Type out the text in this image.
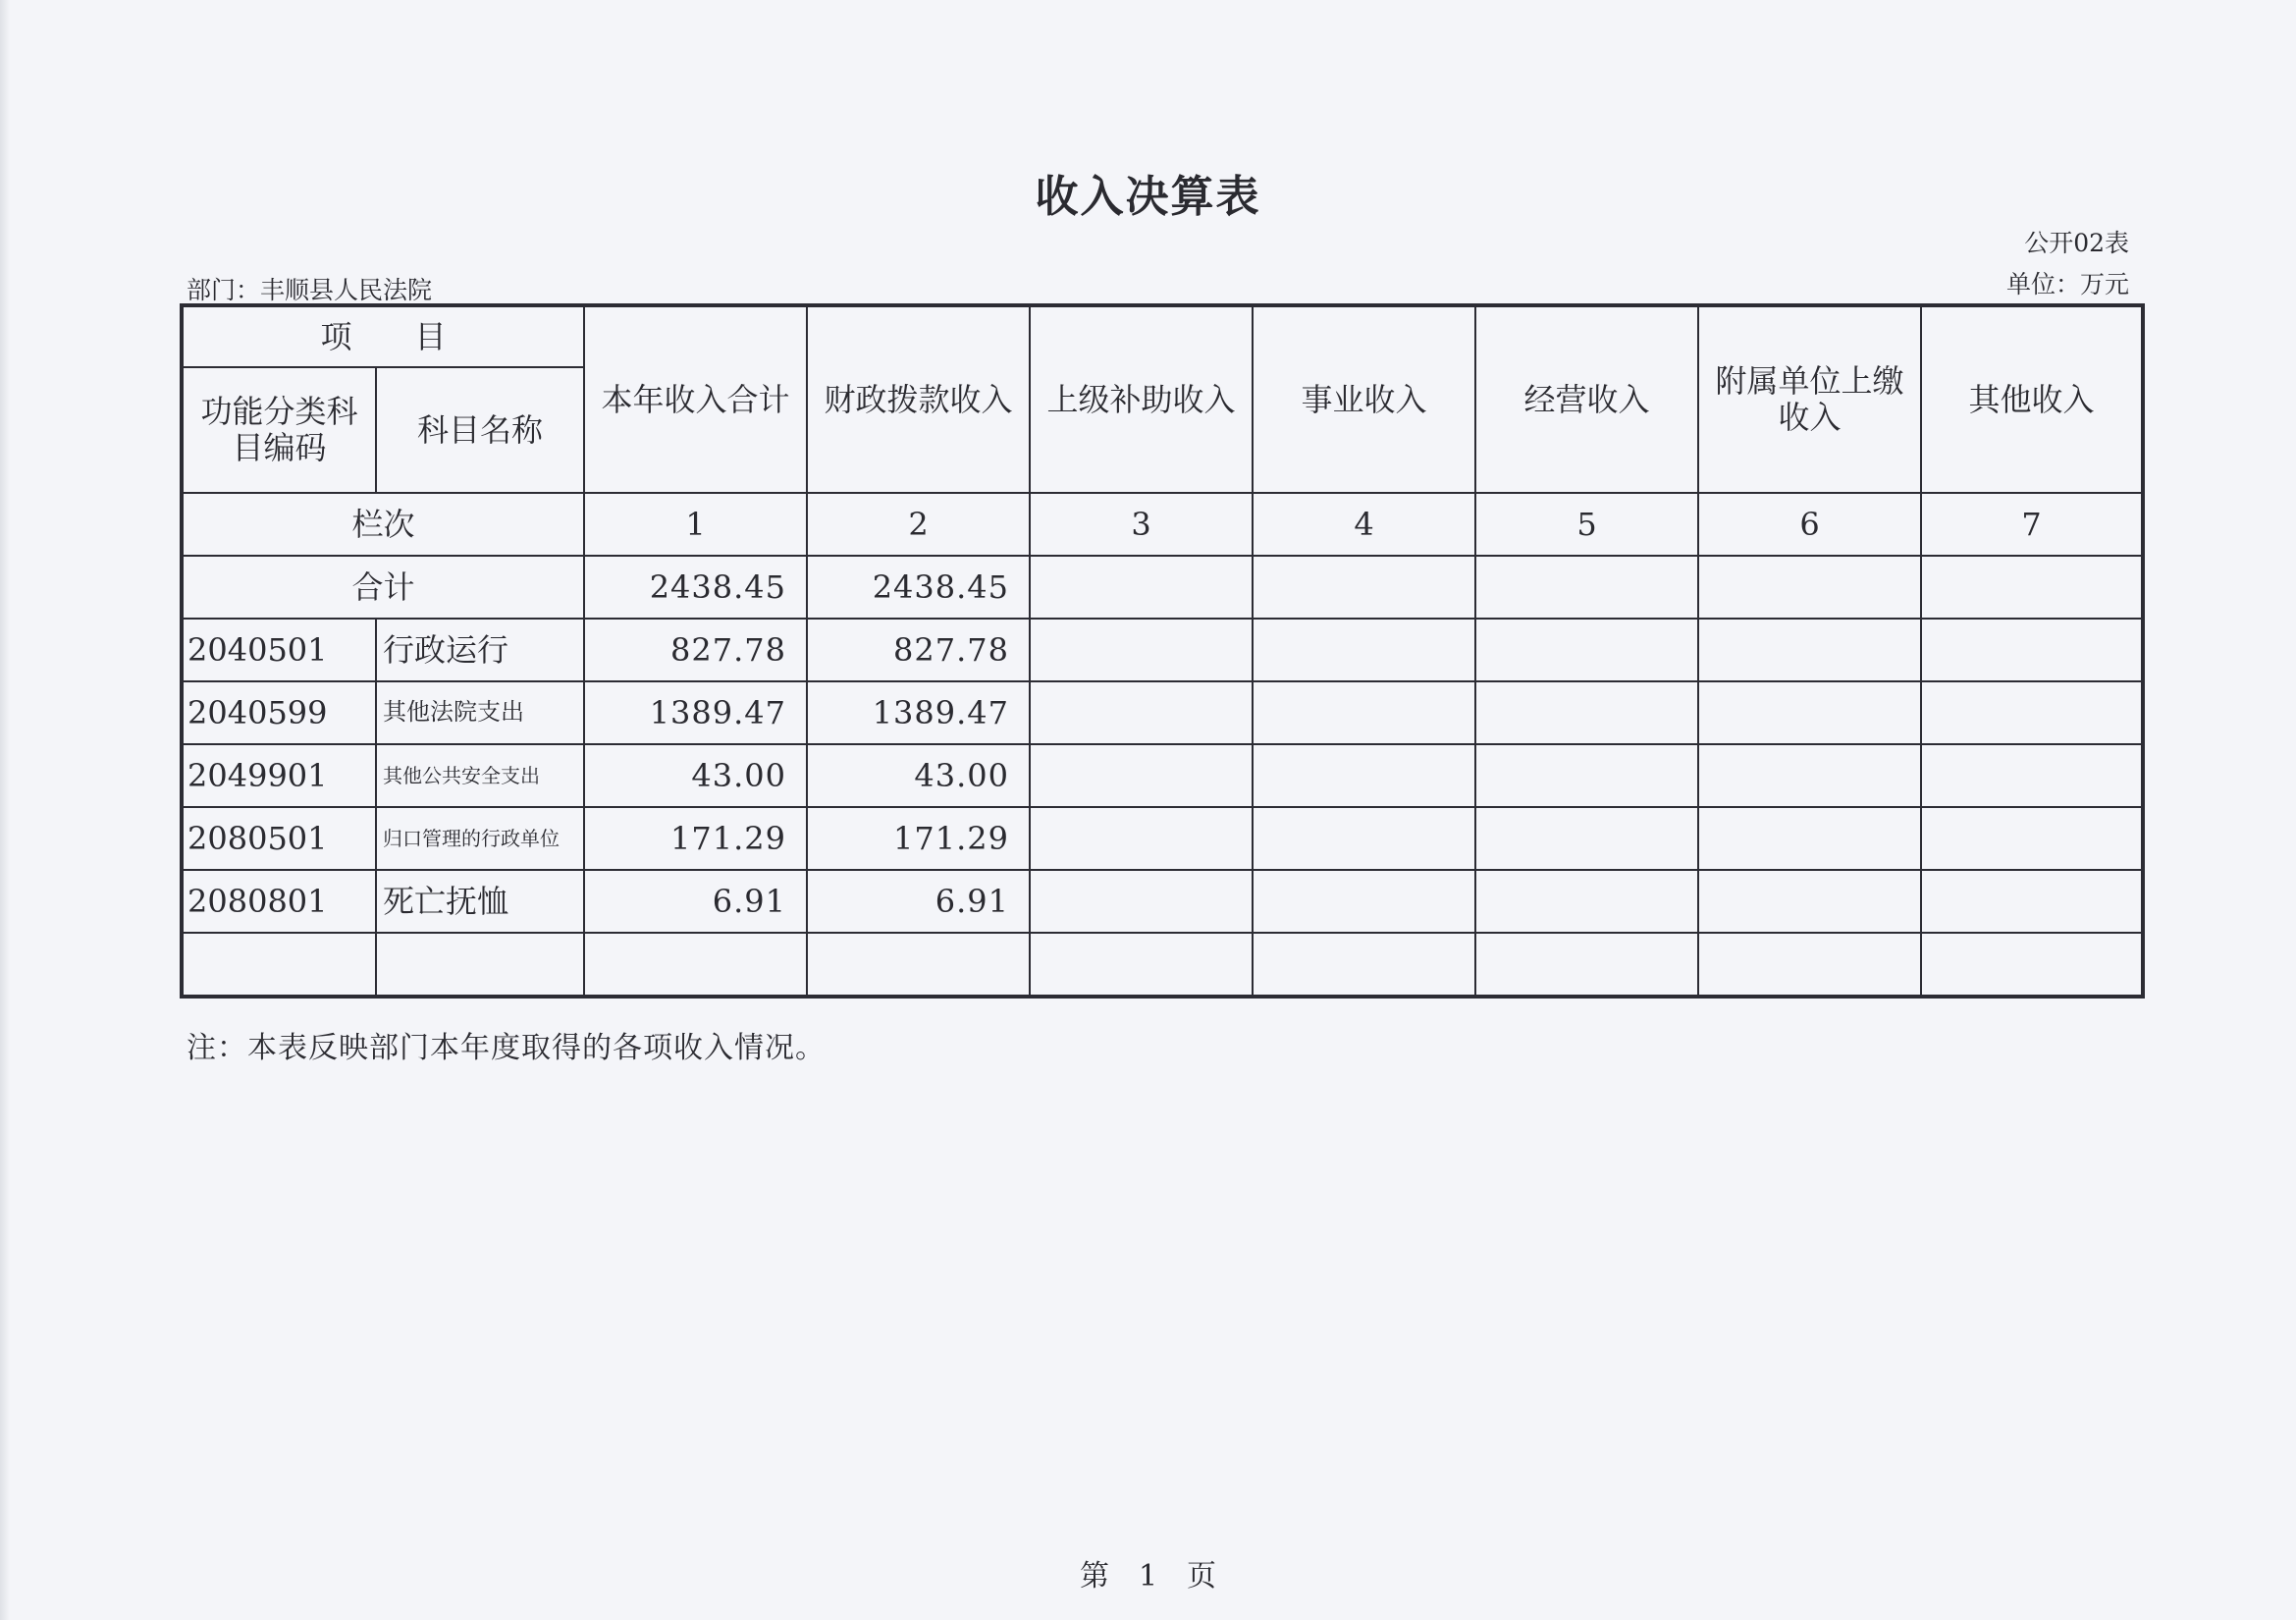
收入决算表
公开02表
部门：丰顺县人民法院	单位：万元
项　　目		本年收入合计	财政拨款收入	上级补助收入	事业收入	经营收入	附属单位上缴收入	其他收入
功能分类科目编码	科目名称							
栏次		1	2	3	4	5	6	7
合计		2438.45	2438.45					
2040501	行政运行	827.78	827.78					
2040599	其他法院支出	1389.47	1389.47					
2049901	其他公共安全支出	43.00	43.00					
2080501	归口管理的行政单位	171.29	171.29					
2080801	死亡抚恤	6.91	6.91					

注：本表反映部门本年度取得的各项收入情况。
第　1　页
